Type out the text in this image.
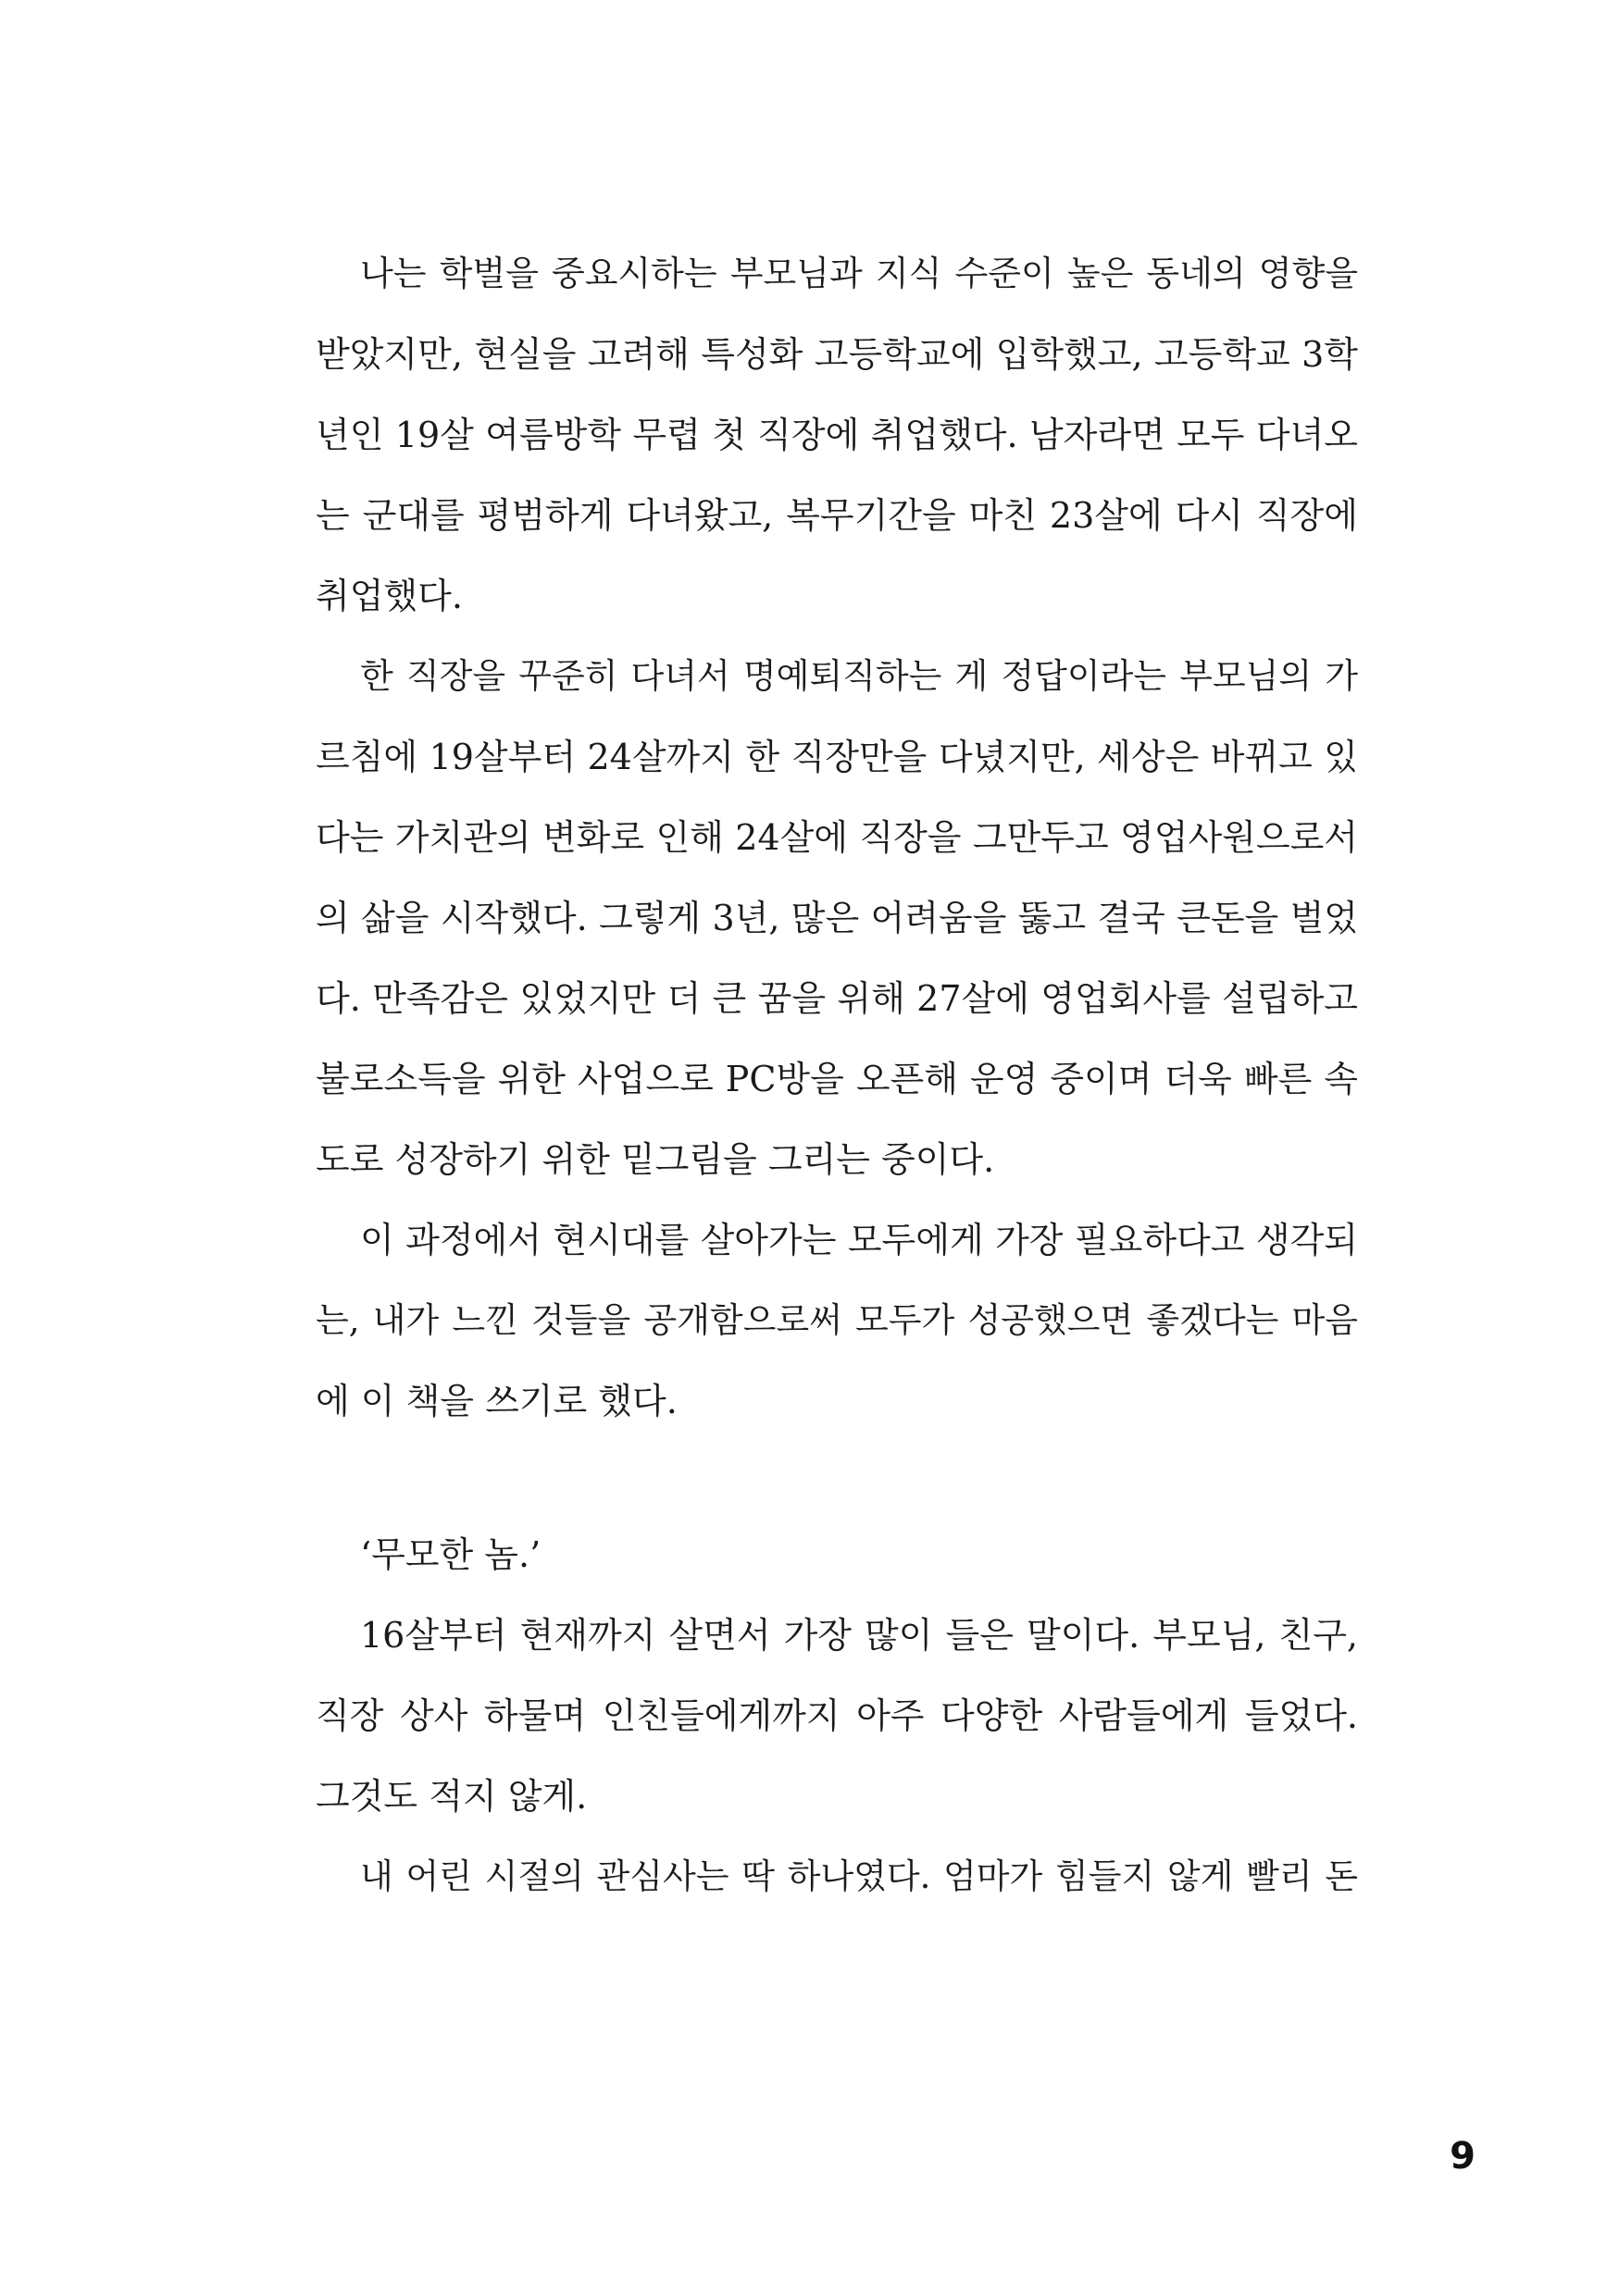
나는 학벌을 중요시하는 부모님과 지식 수준이 높은 동네의 영향을
받았지만, 현실을 고려해 특성화 고등학교에 입학했고, 고등학교 3학
년인 19살 여름방학 무렵 첫 직장에 취업했다. 남자라면 모두 다녀오
는 군대를 평범하게 다녀왔고, 복무기간을 마친 23살에 다시 직장에
취업했다.
한 직장을 꾸준히 다녀서 명예퇴직하는 게 정답이라는 부모님의 가
르침에 19살부터 24살까지 한 직장만을 다녔지만, 세상은 바뀌고 있
다는 가치관의 변화로 인해 24살에 직장을 그만두고 영업사원으로서
의 삶을 시작했다. 그렇게 3년, 많은 어려움을 뚫고 결국 큰돈을 벌었
다. 만족감은 있었지만 더 큰 꿈을 위해 27살에 영업회사를 설립하고
불로소득을 위한 사업으로 PC방을 오픈해 운영 중이며 더욱 빠른 속
도로 성장하기 위한 밑그림을 그리는 중이다.
이 과정에서 현시대를 살아가는 모두에게 가장 필요하다고 생각되
는, 내가 느낀 것들을 공개함으로써 모두가 성공했으면 좋겠다는 마음
에 이 책을 쓰기로 했다.
‘무모한 놈.’
16살부터 현재까지 살면서 가장 많이 들은 말이다. 부모님, 친구,
직장 상사 하물며 인친들에게까지 아주 다양한 사람들에게 들었다.
그것도 적지 않게.
내 어린 시절의 관심사는 딱 하나였다. 엄마가 힘들지 않게 빨리 돈
9
